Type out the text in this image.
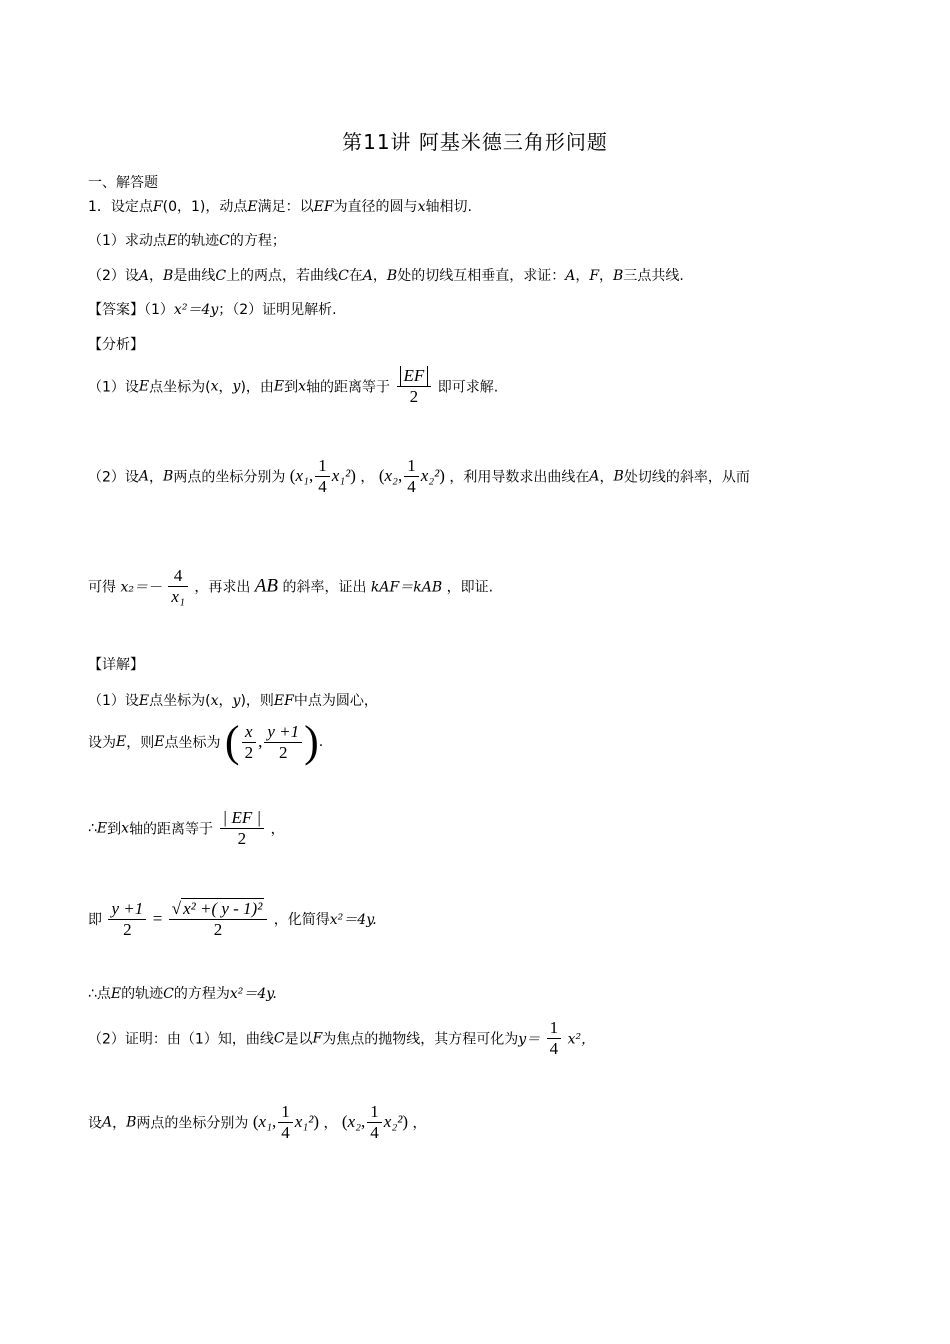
第11讲 阿基米德三角形问题
一、解答题
1．设定点F(0，1)，动点E满足：以EF为直径的圆与x轴相切.
（1）求动点E的轨迹C的方程；
（2）设A，B是曲线C上的两点，若曲线C在A，B处的切线互相垂直，求证：A，F，B三点共线.
【答案】（1）x²＝4y；（2）证明见解析.
【分析】
（1）设E点坐标为(x，y)，由E到x轴的距离等于 $\frac{EF}{2}$ 即可求解.
（2）设A，B两点的坐标分别为 (x₁, $\frac{1}{4} x_1^2$) ， (x₂, $\frac{1}{4} x_2^2$) ，利用导数求出曲线在A，B处切线的斜率，从而
可得 $x_2=- \frac{4}{\text{x₁}}$ ，再求出 AB 的斜率，证出 kAF＝kAB ，即证.
【详解】
（1）设E点坐标为(x，y)，则EF中点为圆心，
设为E，则E点坐标为 ( $\frac{x}{2}$ , $\frac{y +1}{2}$ ).
∴E到x轴的距离等于 $\frac{| EF |}{2}$ ，
即 $\frac{y +1}{2} = \frac{\text{√ x² +( y - 1)²}}{2}$ ，化简得x²＝4y.
∴点E的轨迹C的方程为x²＝4y.
（2）证明：由（1）知，曲线C是以F为焦点的抛物线，其方程可化为$y= \frac{1}{4} x^2$，
设A，B两点的坐标分别为 (x₁, $\frac{1}{4} x_1^2$) ， (x₂, $\frac{1}{4} x_2^2$) ，
